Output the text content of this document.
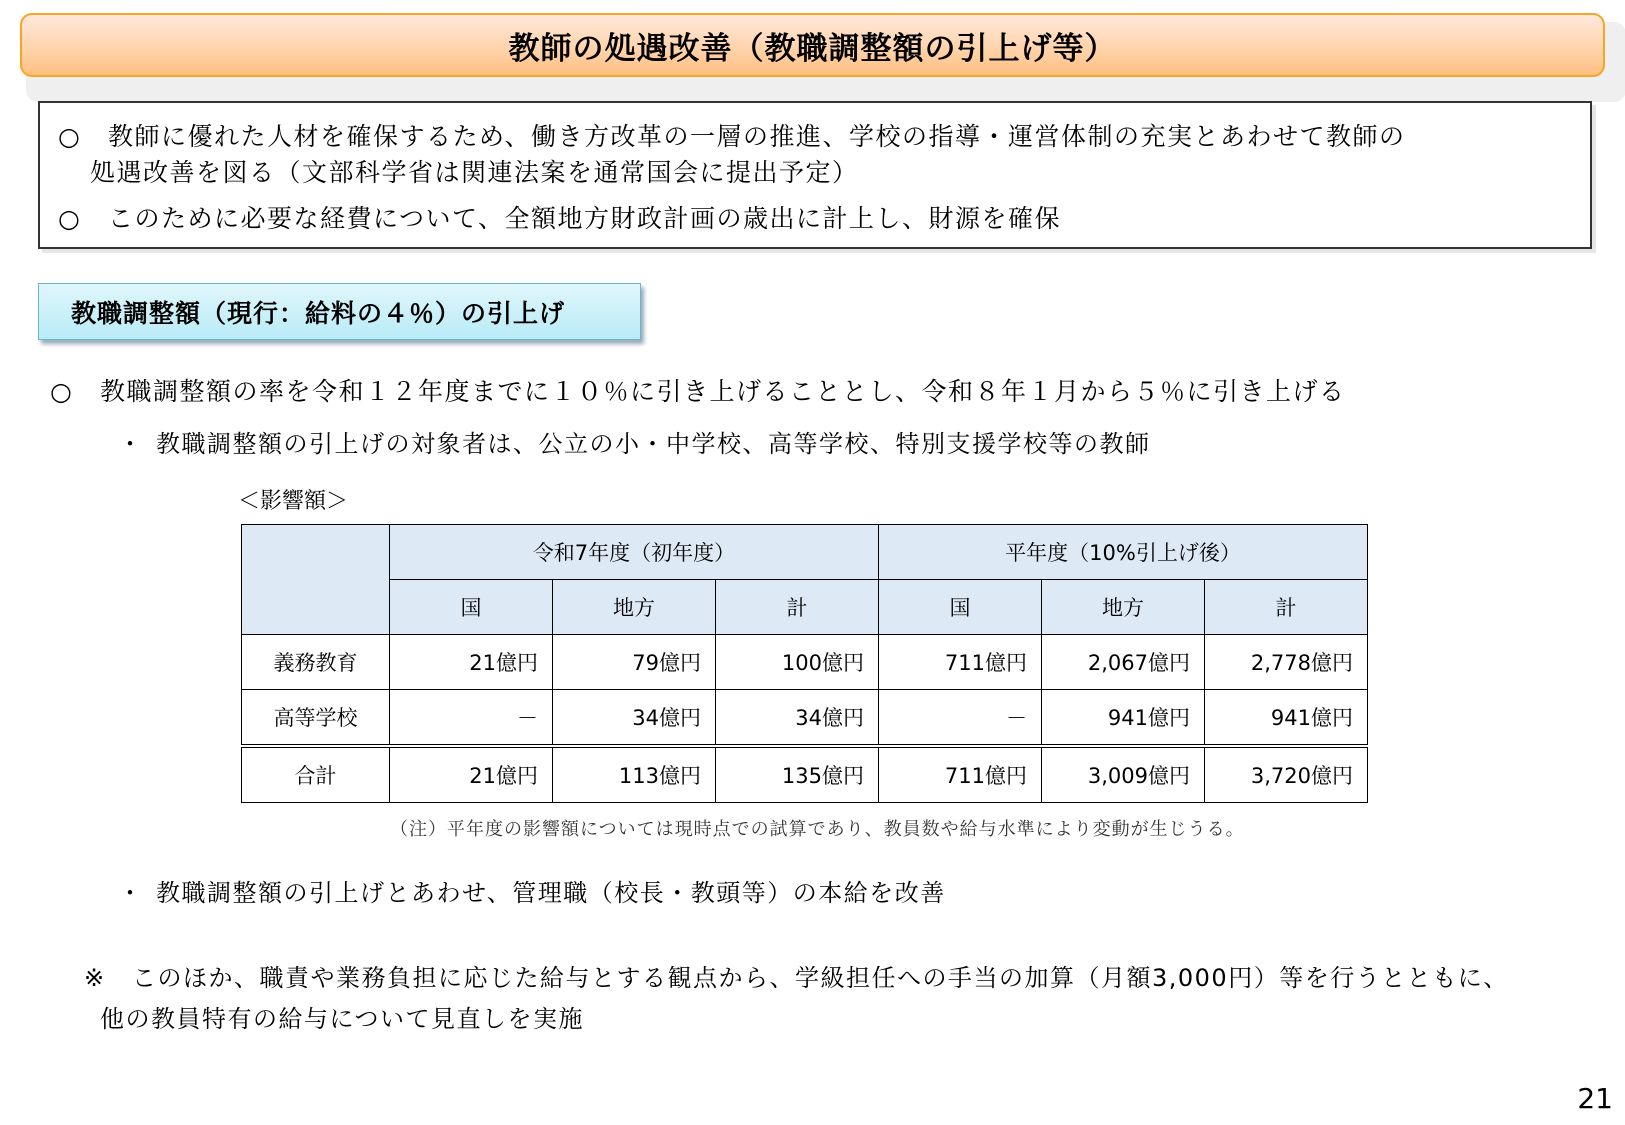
教師の処遇改善（教職調整額の引上げ等）
○ 教師に優れた人材を確保するため、働き方改革の一層の推進、学校の指導・運営体制の充実とあわせて教師の
処遇改善を図る（文部科学省は関連法案を通常国会に提出予定）
○ このために必要な経費について、全額地方財政計画の歳出に計上し、財源を確保
教職調整額（現行：給料の４％）の引上げ
○ 教職調整額の率を令和１２年度までに１０％に引き上げることとし、令和８年１月から５％に引き上げる
・ 教職調整額の引上げの対象者は、公立の小・中学校、高等学校、特別支援学校等の教師
＜影響額＞
	令和7年度（初年度）			平年度（10%引上げ後）		
	国	地方	計	国	地方	計
義務教育	21億円	79億円	100億円	711億円	2,067億円	2,778億円
高等学校	－	34億円	34億円	－	941億円	941億円
合計	21億円	113億円	135億円	711億円	3,009億円	3,720億円
（注）平年度の影響額については現時点での試算であり、教員数や給与水準により変動が生じうる。
・ 教職調整額の引上げとあわせ、管理職（校長・教頭等）の本給を改善
※ このほか、職責や業務負担に応じた給与とする観点から、学級担任への手当の加算（月額3,000円）等を行うとともに、
他の教員特有の給与について見直しを実施
21
